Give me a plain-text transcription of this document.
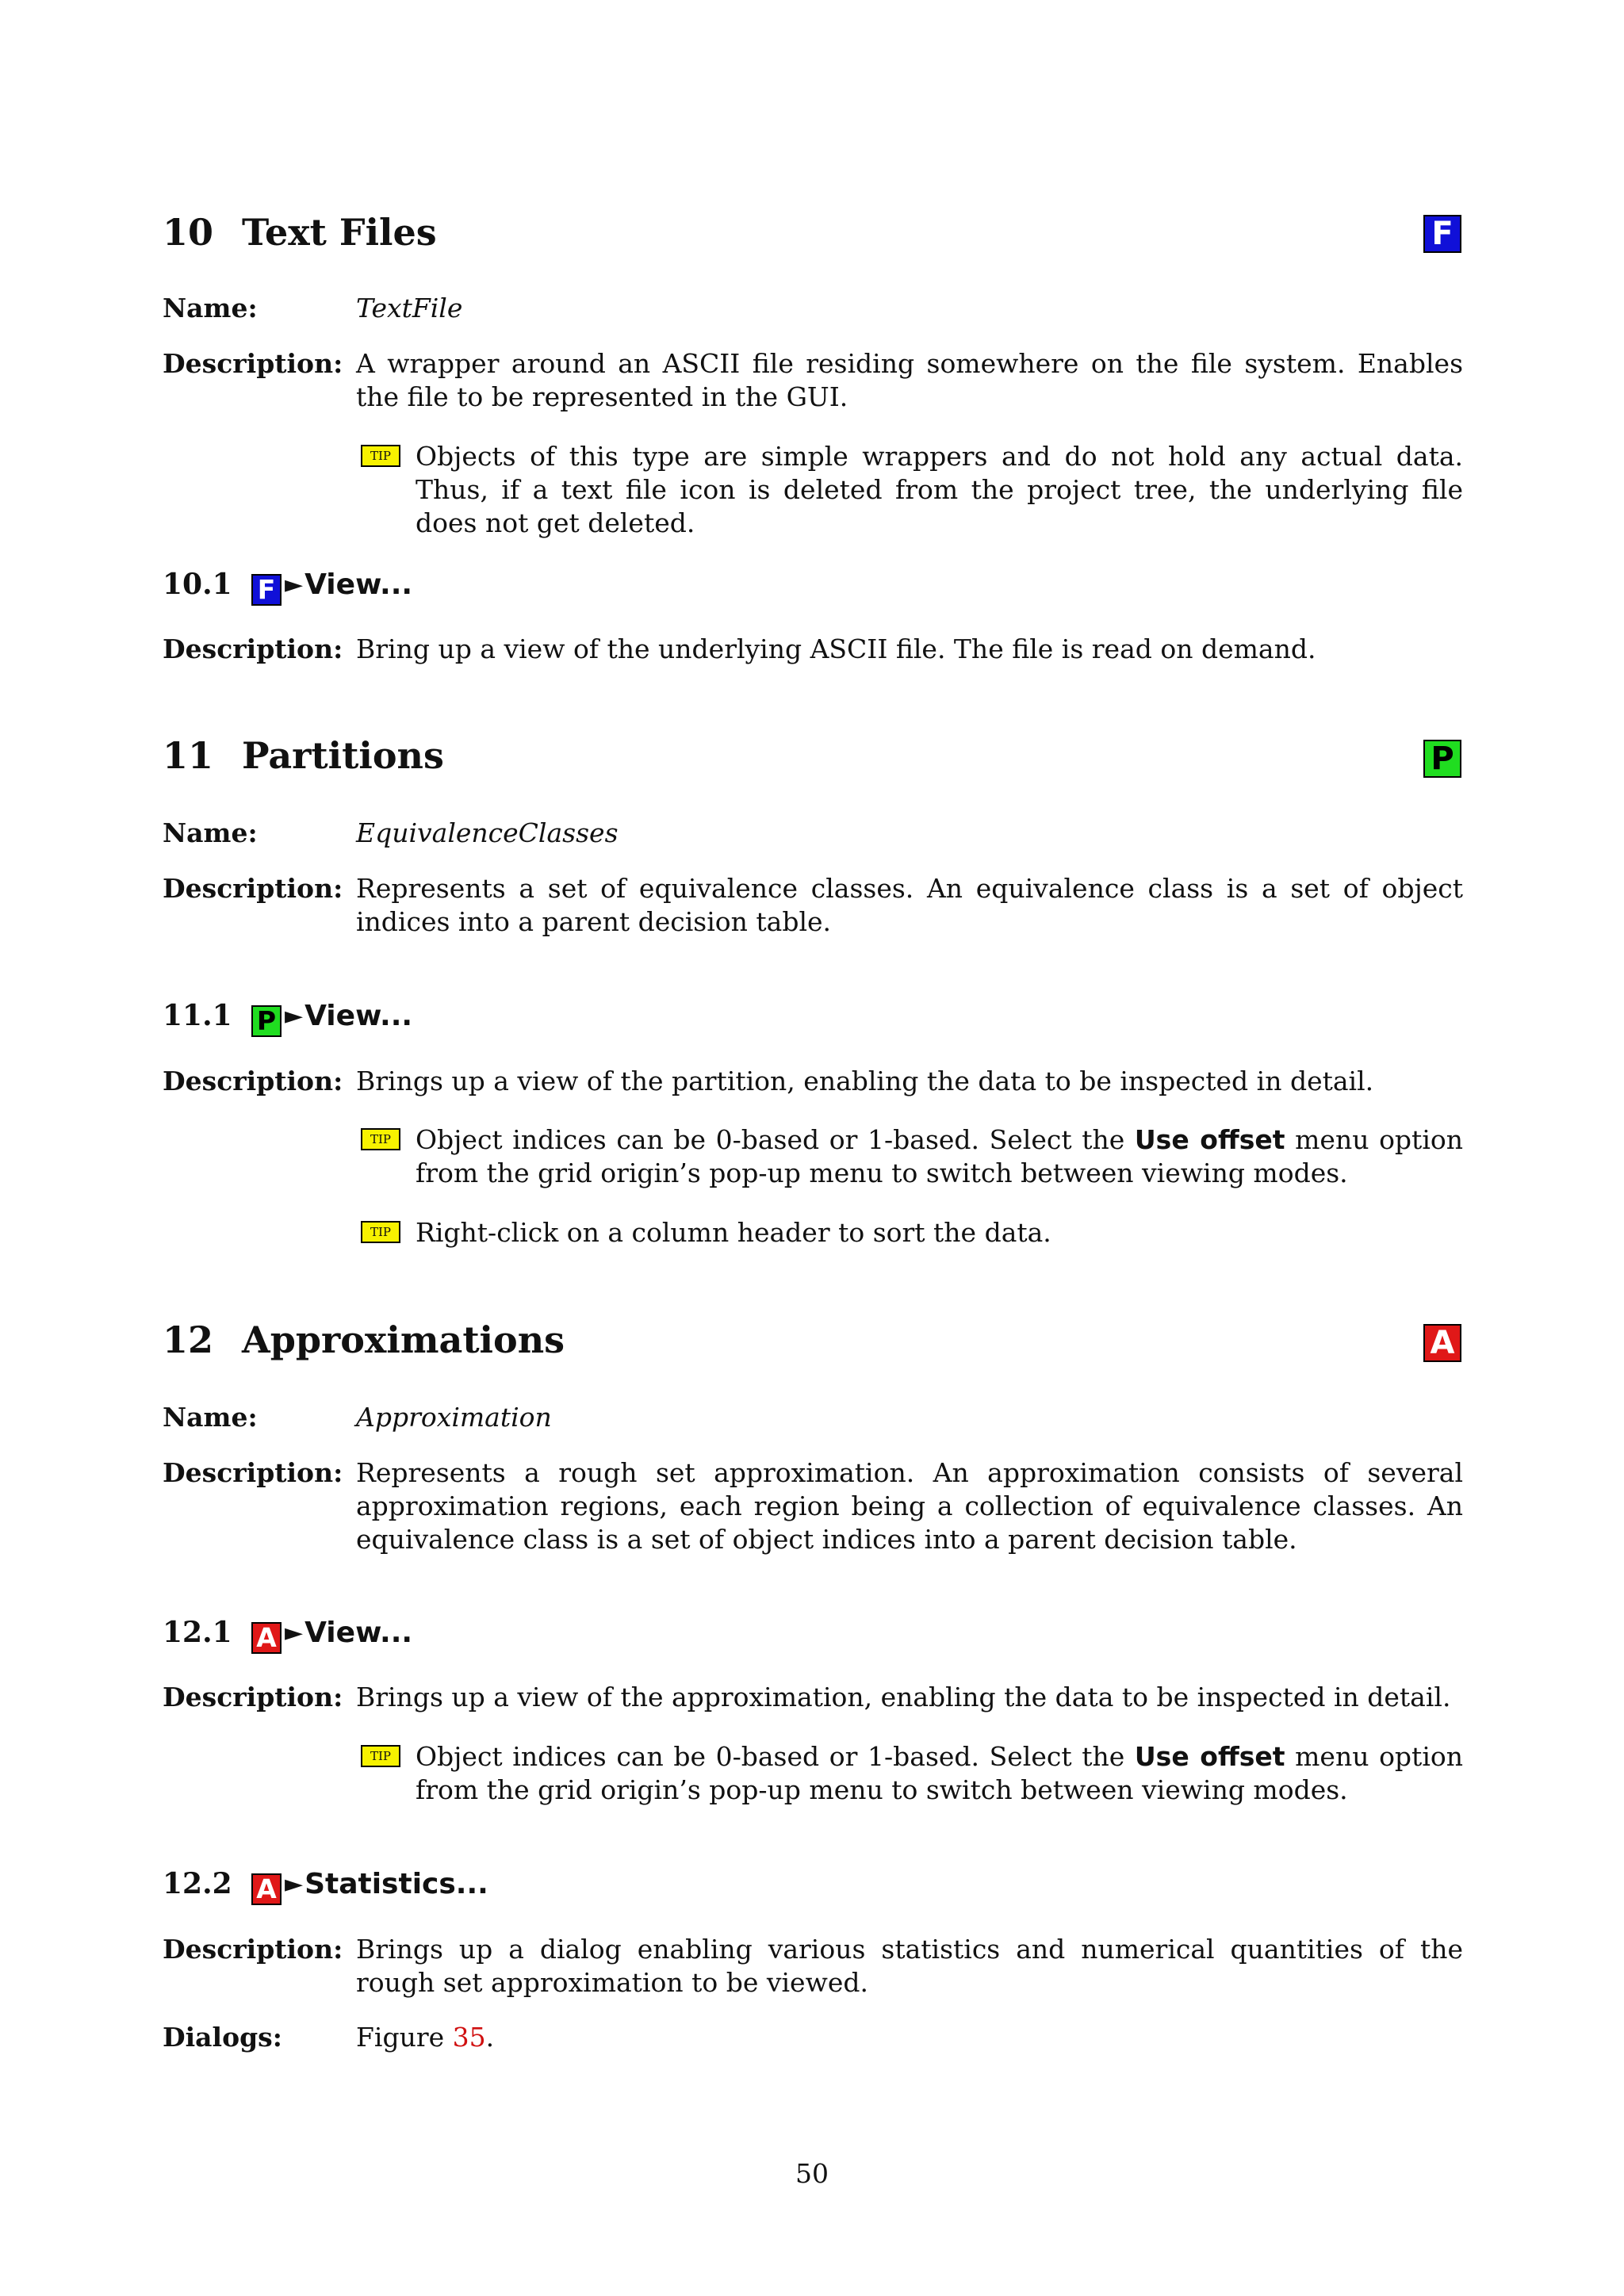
10 Text Files	F
Name:	TextFile
Description: A wrapper around an ASCII file residing somewhere on the file system. Enables the file to be represented in the GUI.
TIP Objects of this type are simple wrappers and do not hold any actual data. Thus, if a text file icon is deleted from the project tree, the underlying file does not get deleted.
10.1 F ►View...
Description: Bring up a view of the underlying ASCII file. The file is read on demand.
11 Partitions	P
Name:	EquivalenceClasses
Description: Represents a set of equivalence classes. An equivalence class is a set of object indices into a parent decision table.
11.1 P ►View...
Description: Brings up a view of the partition, enabling the data to be inspected in detail.
TIP Object indices can be 0-based or 1-based. Select the Use offset menu option from the grid origin’s pop-up menu to switch between viewing modes.
TIP Right-click on a column header to sort the data.
12 Approximations	A
Name:	Approximation
Description: Represents a rough set approximation. An approximation consists of several approximation regions, each region being a collection of equivalence classes. An equivalence class is a set of object indices into a parent decision table.
12.1 A ►View...
Description: Brings up a view of the approximation, enabling the data to be inspected in detail.
TIP Object indices can be 0-based or 1-based. Select the Use offset menu option from the grid origin’s pop-up menu to switch between viewing modes.
12.2 A ►Statistics...
Description: Brings up a dialog enabling various statistics and numerical quantities of the rough set approximation to be viewed.
Dialogs:	Figure 35.
50
